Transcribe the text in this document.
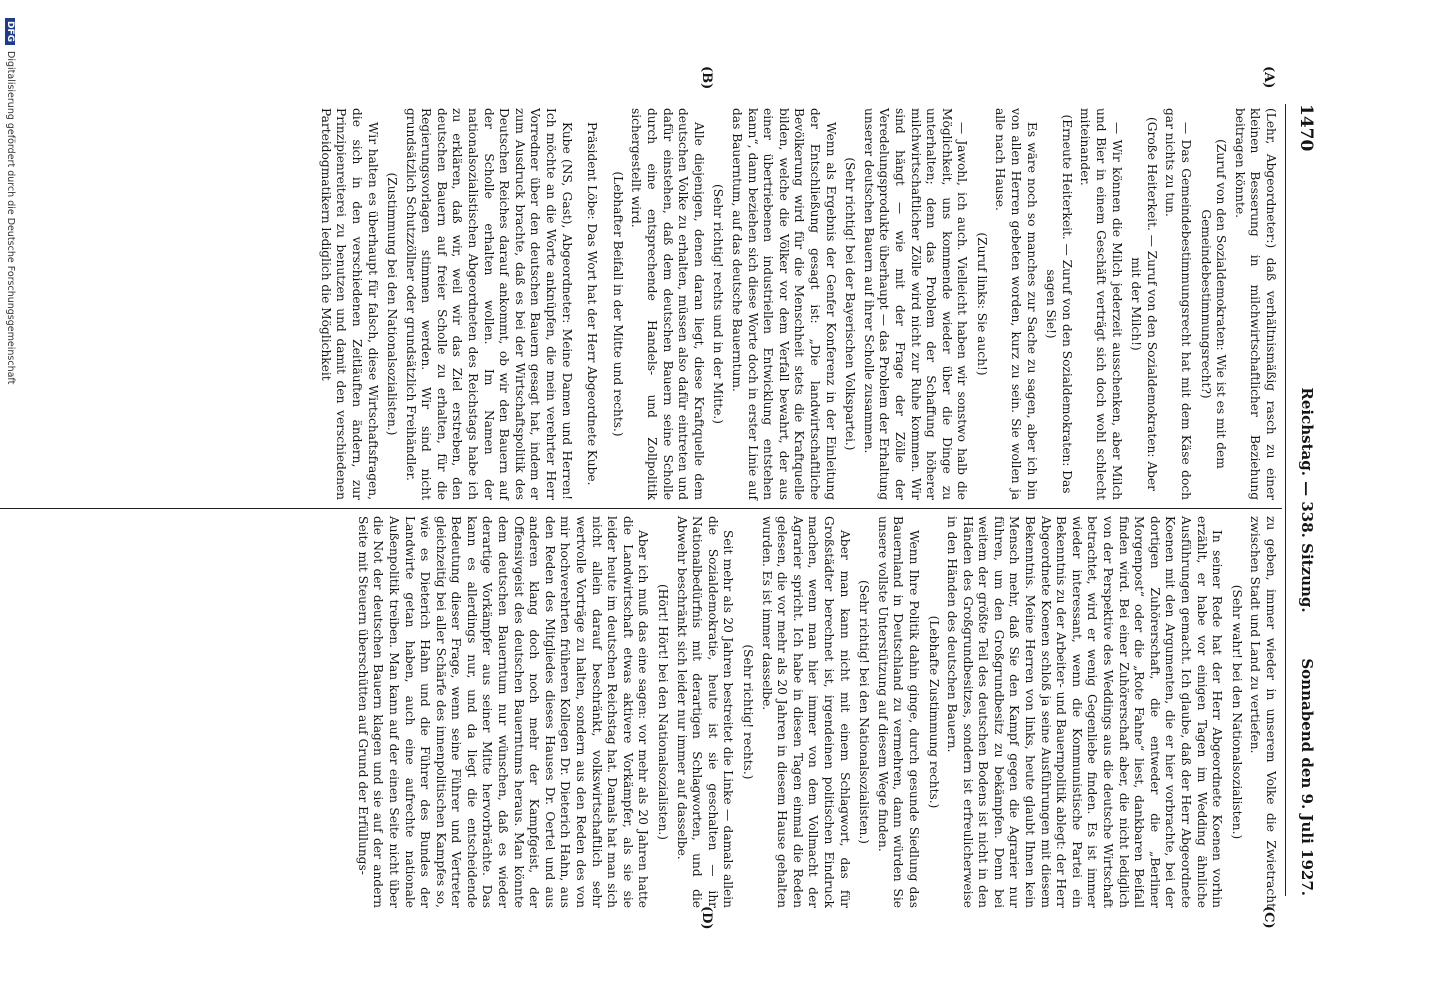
1470
Reichstag. — 338. Sitzung.
Sonnabend den 9. Juli 1927.
(A)
(B)
(C)
(D)

(Lehr, Abgeordneter:) daß verhältnismäßig rasch zu einer kleinen Besserung in milchwirtschaftlicher Beziehung beitragen könnte.

(Zuruf von den Sozialdemokraten: Wie ist es mit dem Gemeindebestimmungsrecht?)

— Das Gemeindebestimmungsrecht hat mit dem Käse doch gar nichts zu tun.

(Große Heiterkeit. — Zuruf von den Sozialdemokraten: Aber mit der Milch!)

— Wir können die Milch jederzeit ausschenken, aber Milch und Bier in einem Geschäft verträgt sich doch wohl schlecht miteinander.

(Erneute Heiterkeit. — Zuruf von den Sozialdemokraten: Das sagen Sie!)

Es wäre noch so manches zur Sache zu sagen, aber ich bin von allen Herren gebeten worden, kurz zu sein. Sie wollen ja alle nach Hause.

(Zuruf links: Sie auch!)

— Jawohl, ich auch. Vielleicht haben wir sonstwo halb die Möglichkeit, uns kommende wieder über die Dinge zu unterhalten; denn das Problem der Schaffung höherer milchwirtschaftlicher Zölle wird nicht zur Ruhe kommen. Wir sind hängt — wie mit der Frage der Zölle der Veredelungsprodukte überhaupt — das Problem der Erhaltung unserer deutschen Bauern auf ihrer Scholle zusammen.

(Sehr richtig! bei der Bayerischen Volkspartei.)

Wenn als Ergebnis der Genfer Konferenz in der Einleitung der Entschließung gesagt ist: „Die landwirtschaftliche Bevölkerung wird für die Menschheit stets die Kraftquelle bilden, welche die Völker vor dem Verfall bewahrt, der aus einer übertriebenen industriellen Entwicklung entstehen kann“, dann beziehen sich diese Worte doch in erster Linie auf das Bauerntum, auf das deutsche Bauerntum.

(Sehr richtig! rechts und in der Mitte.)

Alle diejenigen, denen daran liegt, diese Kraftquelle dem deutschen Volke zu erhalten, müssen also dafür eintreten und dafür einstehen, daß dem deutschen Bauern seine Scholle durch eine entsprechende Handels- und Zollpolitik sichergestellt wird.

(Lebhafter Beifall in der Mitte und rechts.)

Präsident Löbe: Das Wort hat der Herr Abgeordnete Kube.

Kube (NS, Gast), Abgeordneter: Meine Damen und Herren! Ich möchte an die Worte anknüpfen, die mein verehrter Herr Vorredner über den deutschen Bauern gesagt hat, indem er zum Ausdruck brachte, daß es bei der Wirtschaftspolitik des Deutschen Reiches darauf ankommt, ob wir den Bauern auf der Scholle erhalten wollen. Im Namen der nationalsozialistischen Abgeordneten des Reichstags habe ich zu erklären, daß wir, weil wir das Ziel erstreben, den deutschen Bauern auf freier Scholle zu erhalten, für die Regierungsvorlagen stimmen werden. Wir sind nicht grundsätzlich Schutzzöllner oder grundsätzlich Freihändler.

(Zustimmung bei den Nationalsozialisten.)

Wir halten es überhaupt für falsch, diese Wirtschaftsfragen, die sich in den verschiedenen Zeitläuften ändern, zur Prinzipienreiterei zu benutzen und damit den verschiedenen Parteidogmatikern lediglich die Möglichkeit

zu geben, immer wieder in unserem Volke die Zwietracht zwischen Stadt und Land zu vertiefen.

(Sehr wahr! bei den Nationalsozialisten.)

In seiner Rede hat der Herr Abgeordnete Koenen vorhin erzählt, er habe vor einigen Tagen im Wedding ähnliche Ausführungen gemacht. Ich glaube, daß der Herr Abgeordnete Koenen mit den Argumenten, die er hier vorbrachte, bei der dortigen Zuhörerschaft, die entweder die „Berliner Morgenpost“ oder die „Rote Fahne“ liest, dankbaren Beifall finden wird. Bei einer Zuhörerschaft aber, die nicht lediglich von der Perspektive des Weddings aus die deutsche Wirtschaft betrachtet, wird er wenig Gegenliebe finden. Es ist immer wieder interessant, wenn die Kommunistische Partei ein Bekenntnis zu der Arbeiter- und Bauernpolitik ablegt: der Herr Abgeordnete Koenen schloß ja seine Ausführungen mit diesem Bekenntnis. Meine Herren von links, heute glaubt Ihnen kein Mensch mehr, daß Sie den Kampf gegen die Agrarier nur führen, um den Großgrundbesitz zu bekämpfen. Denn bei weitem der größte Teil des deutschen Bodens ist nicht in den Händen des Großgrundbesitzes, sondern ist erfreulicherweise in den Händen des deutschen Bauern.

(Lebhafte Zustimmung rechts.)

Wenn Ihre Politik dahin ginge, durch gesunde Siedlung das Bauernland in Deutschland zu vermehren, dann würden Sie unsere vollste Unterstützung auf diesem Wege finden.

(Sehr richtig! bei den Nationalsozialisten.)

Aber man kann nicht mit einem Schlagwort, das für Großstädter berechnet ist, irgendeinen politischen Eindruck machen, wenn man hier immer von dem Vollmacht der Agrarier spricht. Ich habe in diesen Tagen einmal die Reden gelesen, die vor mehr als 20 Jahren in diesem Hause gehalten wurden. Es ist immer dasselbe.

(Sehr richtig! rechts.)

Seit mehr als 20 Jahren bestreitet die Linke — damals allein die Sozialdemokratie, heute ist sie geschalten — ihr Nationalbedürfnis mit derartigen Schlagworten, und die Abwehr beschränkt sich leider nur immer auf dasselbe.

(Hört! Hört! bei den Nationalsozialisten.)

Aber ich muß das eine sagen: vor mehr als 20 Jahren hatte die Landwirtschaft etwas aktivere Vorkämpfer, als sie sie leider heute im deutschen Reichstag hat. Damals hat man sich nicht allein darauf beschränkt, volkswirtschaftlich sehr wertvolle Vorträge zu halten, sondern aus den Reden des von mir hochverehrten früheren Kollegen Dr. Dieterich Hahn, aus den Reden des Mitgliedes dieses Hauses Dr. Oertel und aus anderen klang doch noch mehr der Kampfgeist, der Offensivgeist des deutschen Bauerntums heraus. Man könnte dem deutschen Bauerntum nur wünschen, daß es wieder derartige Vorkämpfer aus seiner Mitte hervorbrächte. Das kann es allerdings nur, und da liegt die entscheidende Bedeutung dieser Frage, wenn seine Führer und Vertreter gleichzeitig bei aller Schärfe des innenpolitischen Kampfes so, wie es Dieterich Hahn und die Führer des Bundes der Landwirte getan haben, auch eine aufrechte nationale Außenpolitik treiben. Man kann auf der einen Seite nicht über die Not der deutschen Bauern klagen und sie auf der andern Seite mit Steuern überschütten auf Grund der Erfüllungs-

DFGDigitalisierung gefördert durch die Deutsche Forschungsgemeinschaft
